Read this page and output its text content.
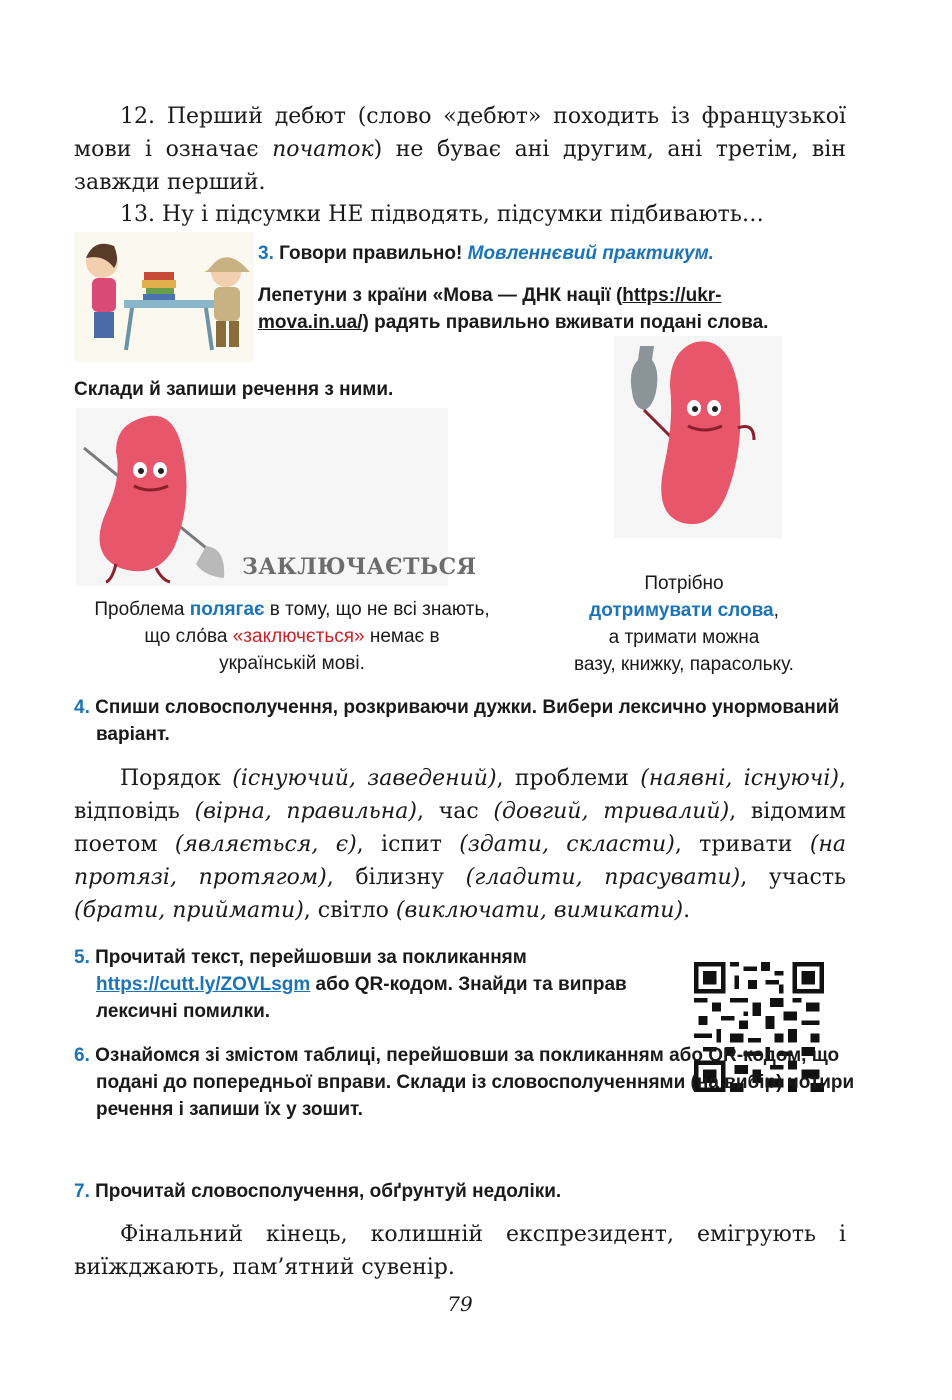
12. Перший дебют (слово «дебют» походить із французької мови і означає початок) не буває ані другим, ані третім, він завжди перший.
13. Ну і підсумки НЕ підводять, підсумки підбивають…
3. Говори правильно! Мовленнєвий практикум.
Лепетуни з країни «Мова — ДНК нації (https://ukr-mova.in.ua/) радять правильно вживати подані слова.
Склади й запиши речення з ними.
ЗАКЛЮЧАЄТЬСЯ
Проблема полягає в тому, що не всі знають, що сло́ва «заключється» немає в українській мові.
Потрібно
дотримувати слова,
а тримати можна
вазу, книжку, парасольку.
4. Спиши словосполучення, розкриваючи дужки. Вибери лексично унормований варіант.
Порядок (існуючий, заведений), проблеми (наявні, існуючі), відповідь (вірна, правильна), час (довгий, тривалий), відомим поетом (являється, є), іспит (здати, скласти), тривати (на протязі, протягом), білизну (гладити, прасувати), участь (брати, приймати), світло (виключати, вимикати).
5. Прочитай текст, перейшовши за покликанням https://cutt.ly/ZOVLsgm або QR-кодом. Знайди та виправ лексичні помилки.
6. Ознайомся зі змістом таблиці, перейшовши за покликанням або QR-кодом, що подані до попередньої вправи. Склади із словосполученнями (на вибір) чотири речення і запиши їх у зошит.
7. Прочитай словосполучення, обґрунтуй недоліки.
Фінальний кінець, колишній експрезидент, емігрують і виїжджають, пам’ятний сувенір.
79
